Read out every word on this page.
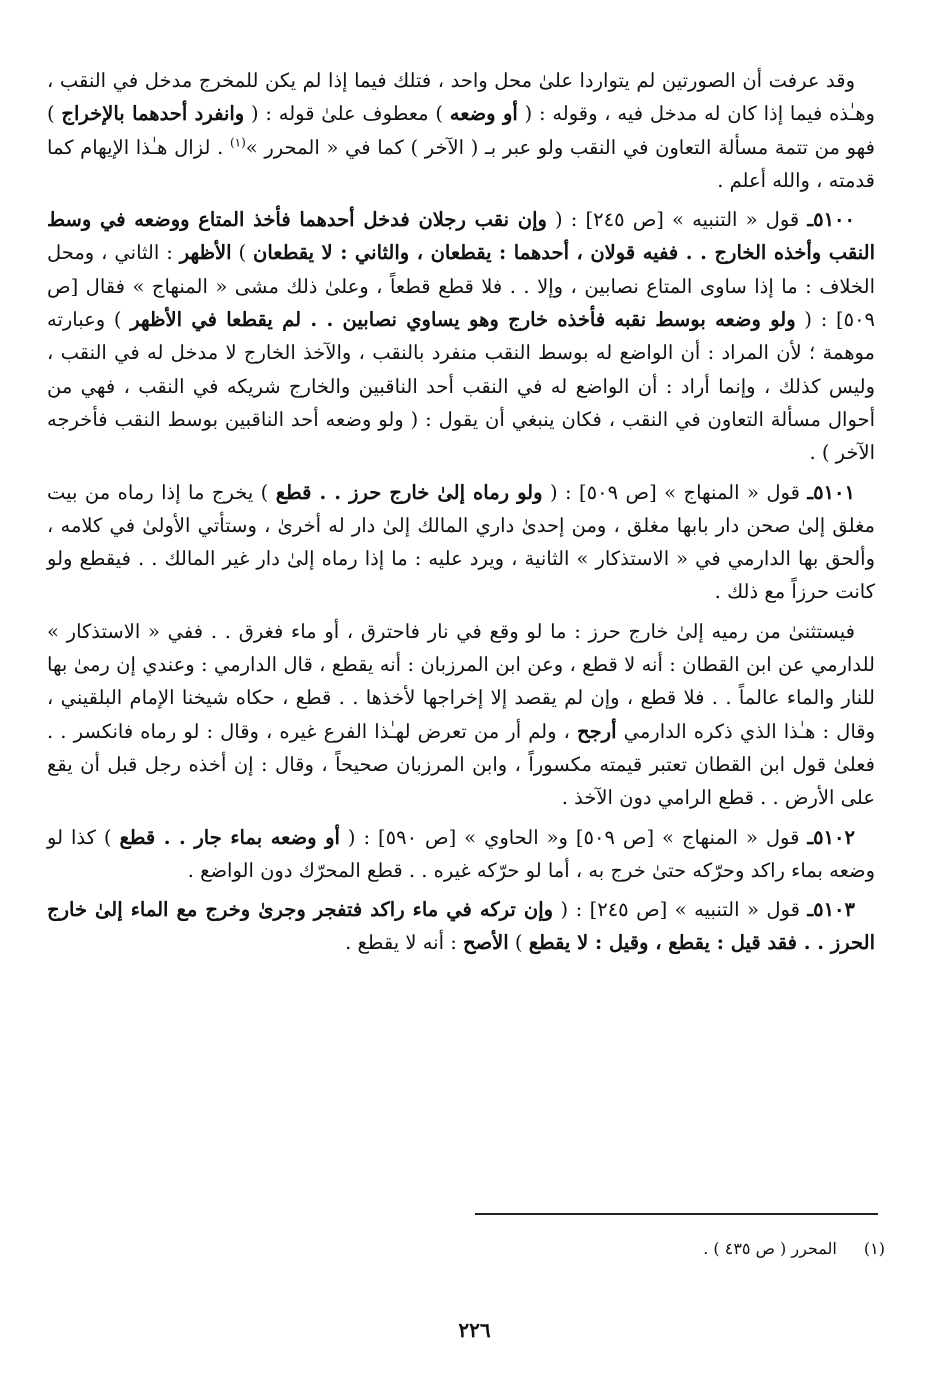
وقد عرفت أن الصورتين لم يتواردا علىٰ محل واحد ، فتلك فيما إذا لم يكن للمخرج مدخل في النقب ، وهـٰذه فيما إذا كان له مدخل فيه ، وقوله : ( أو وضعه ) معطوف علىٰ قوله : ( وانفرد أحدهما بالإخراج ) فهو من تتمة مسألة التعاون في النقب ولو عبر بـ ( الآخر ) كما في « المحرر »$^{(١)}$ . لزال هـٰذا الإيهام كما قدمته ، والله أعلم .

٥١٠٠ـ قول « التنبيه » [ص ٢٤٥] : ( وإن نقب رجلان فدخل أحدهما فأخذ المتاع ووضعه في وسط النقب وأخذه الخارج . . ففيه قولان ، أحدهما : يقطعان ، والثاني : لا يقطعان ) الأظهر : الثاني ، ومحل الخلاف : ما إذا ساوى المتاع نصابين ، وإلا . . فلا قطع قطعاً ، وعلىٰ ذلك مشى « المنهاج » فقال [ص ٥٠٩] : ( ولو وضعه بوسط نقبه فأخذه خارج وهو يساوي نصابين . . لم يقطعا في الأظهر ) وعبارته موهمة ؛ لأن المراد : أن الواضع له بوسط النقب منفرد بالنقب ، والآخذ الخارج لا مدخل له في النقب ، وليس كذلك ، وإنما أراد : أن الواضع له في النقب أحد الناقبين والخارج شريكه في النقب ، فهي من أحوال مسألة التعاون في النقب ، فكان ينبغي أن يقول : ( ولو وضعه أحد الناقبين بوسط النقب فأخرجه الآخر ) .

٥١٠١ـ قول « المنهاج » [ص ٥٠٩] : ( ولو رماه إلىٰ خارج حرز . . قطع ) يخرج ما إذا رماه من بيت مغلق إلىٰ صحن دار بابها مغلق ، ومن إحدىٰ داري المالك إلىٰ دار له أخرىٰ ، وستأتي الأولىٰ في كلامه ، وألحق بها الدارمي في « الاستذكار » الثانية ، ويرد عليه : ما إذا رماه إلىٰ دار غير المالك . . فيقطع ولو كانت حرزاً مع ذلك .

فيستثنىٰ من رميه إلىٰ خارج حرز : ما لو وقع في نار فاحترق ، أو ماء فغرق . . ففي « الاستذكار » للدارمي عن ابن القطان : أنه لا قطع ، وعن ابن المرزبان : أنه يقطع ، قال الدارمي : وعندي إن رمىٰ بها للنار والماء عالماً . . فلا قطع ، وإن لم يقصد إلا إخراجها لأخذها . . قطع ، حكاه شيخنا الإمام البلقيني ، وقال : هـٰذا الذي ذكره الدارمي أرجح ، ولم أر من تعرض لهـٰذا الفرع غيره ، وقال : لو رماه فانكسر . . فعلىٰ قول ابن القطان تعتبر قيمته مكسوراً ، وابن المرزبان صحيحاً ، وقال : إن أخذه رجل قبل أن يقع على الأرض . . قطع الرامي دون الآخذ .

٥١٠٢ـ قول « المنهاج » [ص ٥٠٩] و« الحاوي » [ص ٥٩٠] : ( أو وضعه بماء جار . . قطع ) كذا لو وضعه بماء راكد وحرّكه حتىٰ خرج به ، أما لو حرّكه غيره . . قطع المحرّك دون الواضع .

٥١٠٣ـ قول « التنبيه » [ص ٢٤٥] : ( وإن تركه في ماء راكد فتفجر وجرىٰ وخرج مع الماء إلىٰ خارج الحرز . . فقد قيل : يقطع ، وقيل : لا يقطع ) الأصح : أنه لا يقطع .

(١) المحرر ( ص ٤٣٥ ) .
٢٢٦
